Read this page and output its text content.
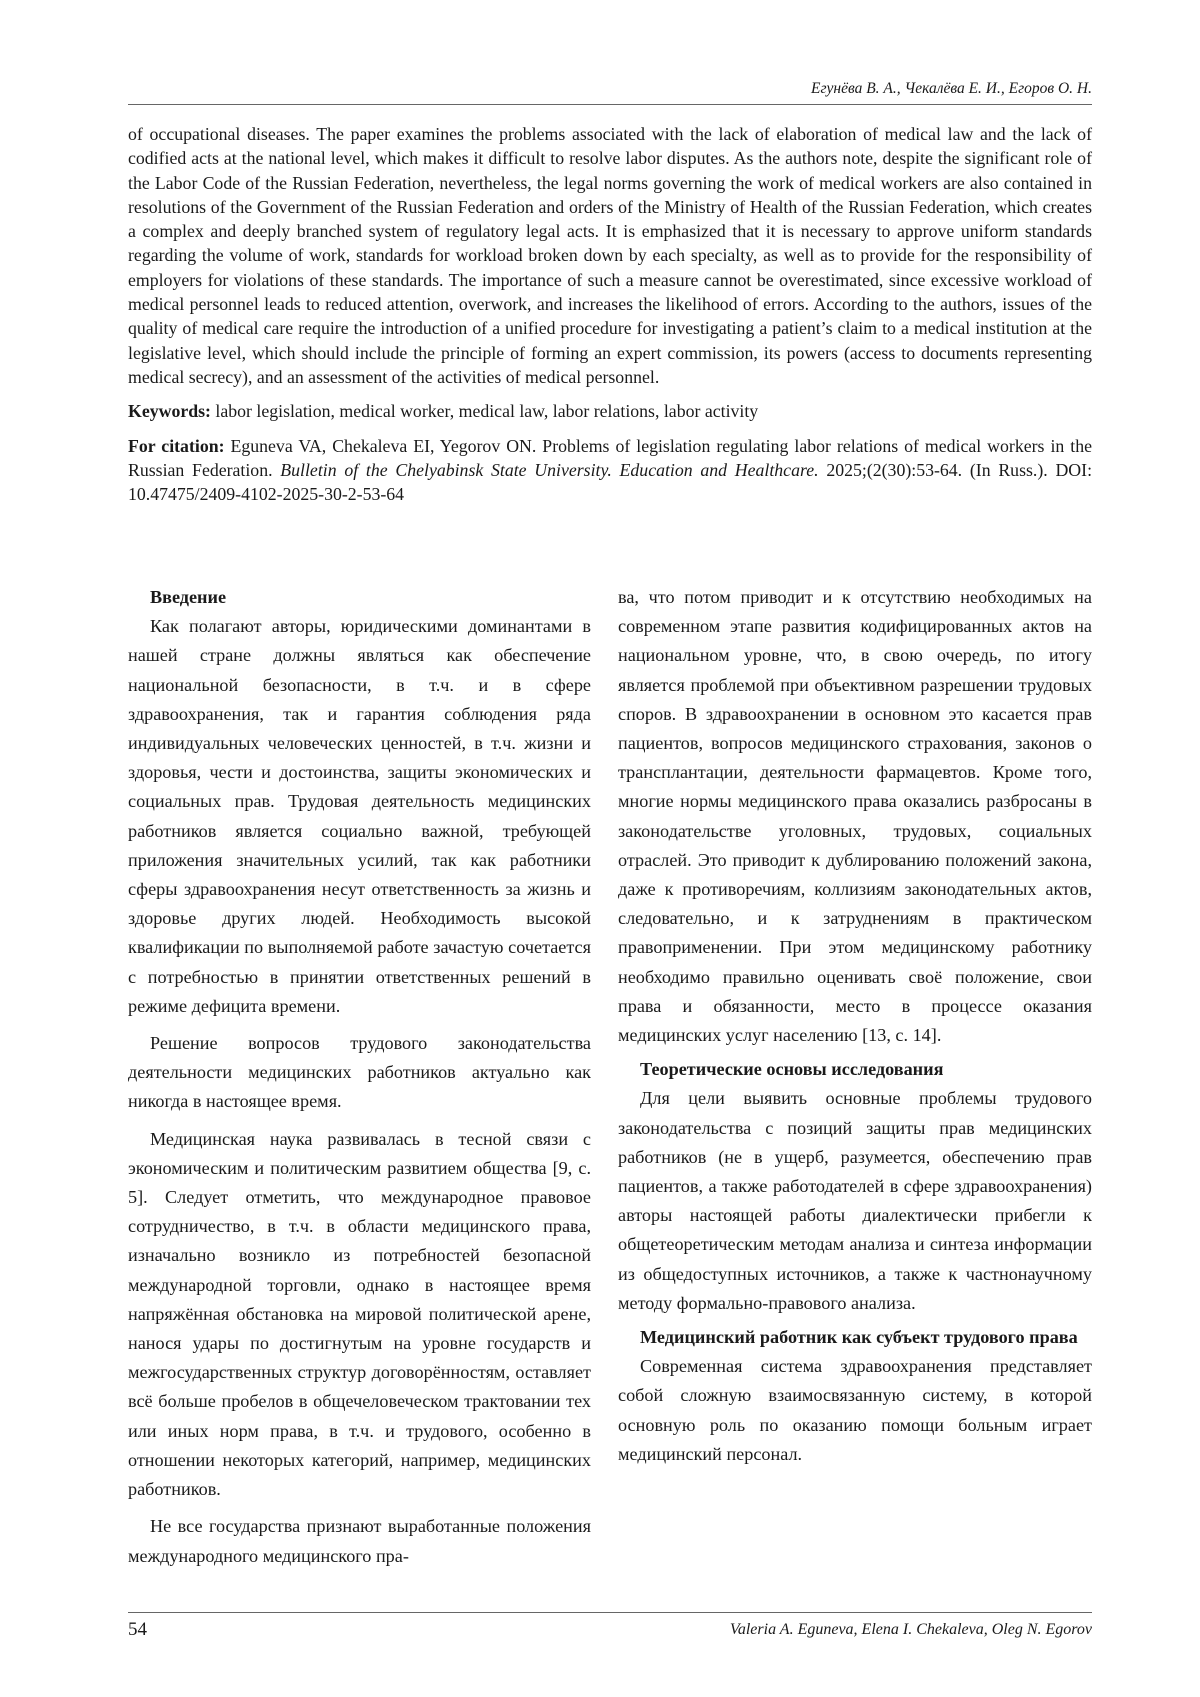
Егунёва В. А., Чекалёва Е. И., Егоров О. Н.

of occupational diseases. The paper examines the problems associated with the lack of elaboration of medical law and the lack of codified acts at the national level, which makes it difficult to resolve labor disputes. As the authors note, despite the significant role of the Labor Code of the Russian Federation, nevertheless, the legal norms governing the work of medical workers are also contained in resolutions of the Government of the Russian Federation and orders of the Ministry of Health of the Russian Federation, which creates a complex and deeply branched system of regulatory legal acts. It is emphasized that it is necessary to approve uniform standards regarding the volume of work, standards for workload broken down by each specialty, as well as to provide for the responsibility of employers for violations of these standards. The importance of such a measure cannot be overestimated, since excessive workload of medical personnel leads to reduced attention, overwork, and increases the likelihood of errors. According to the authors, issues of the quality of medical care require the introduction of a unified procedure for investigating a patient’s claim to a medical institution at the legislative level, which should include the principle of forming an expert commission, its powers (access to documents representing medical secrecy), and an assessment of the activities of medical personnel.

Keywords: labor legislation, medical worker, medical law, labor relations, labor activity

For citation: Eguneva VA, Chekaleva EI, Yegorov ON. Problems of legislation regulating labor relations of medical workers in the Russian Federation. Bulletin of the Chelyabinsk State University. Education and Healthcare. 2025;(2(30):53-64. (In Russ.). DOI: 10.47475/2409-4102-2025-30-2-53-64

Введение

Как полагают авторы, юридическими доминантами в нашей стране должны являться как обеспечение национальной безопасности, в т.ч. и в сфере здравоохранения, так и гарантия соблюдения ряда индивидуальных человеческих ценностей, в т.ч. жизни и здоровья, чести и достоинства, защиты экономических и социальных прав. Трудовая деятельность медицинских работников является социально важной, требующей приложения значительных усилий, так как работники сферы здравоохранения несут ответственность за жизнь и здоровье других людей. Необходимость высокой квалификации по выполняемой работе зачастую сочетается с потребностью в принятии ответственных решений в режиме дефицита времени.

Решение вопросов трудового законодательства деятельности медицинских работников актуально как никогда в настоящее время.

Медицинская наука развивалась в тесной связи с экономическим и политическим развитием общества [9, с. 5]. Следует отметить, что международное правовое сотрудничество, в т.ч. в области медицинского права, изначально возникло из потребностей безопасной международной торговли, однако в настоящее время напряжённая обстановка на мировой политической арене, нанося удары по достигнутым на уровне государств и межгосударственных структур договорённостям, оставляет всё больше пробелов в общечеловеческом трактовании тех или иных норм права, в т.ч. и трудового, особенно в отношении некоторых категорий, например, медицинских работников.

Не все государства признают выработанные положения международного медицинского пра-

ва, что потом приводит и к отсутствию необходимых на современном этапе развития кодифицированных актов на национальном уровне, что, в свою очередь, по итогу является проблемой при объективном разрешении трудовых споров. В здравоохранении в основном это касается прав пациентов, вопросов медицинского страхования, законов о трансплантации, деятельности фармацевтов. Кроме того, многие нормы медицинского права оказались разбросаны в законодательстве уголовных, трудовых, социальных отраслей. Это приводит к дублированию положений закона, даже к противоречиям, коллизиям законодательных актов, следовательно, и к затруднениям в практическом правоприменении. При этом медицинскому работнику необходимо правильно оценивать своё положение, свои права и обязанности, место в процессе оказания медицинских услуг населению [13, с. 14].

Теоретические основы исследования

Для цели выявить основные проблемы трудового законодательства с позиций защиты прав медицинских работников (не в ущерб, разумеется, обеспечению прав пациентов, а также работодателей в сфере здравоохранения) авторы настоящей работы диалектически прибегли к общетеоретическим методам анализа и синтеза информации из общедоступных источников, а также к частнонаучному методу формально-правового анализа.

Медицинский работник как субъект трудового права

Современная система здравоохранения представляет собой сложную взаимосвязанную систему, в которой основную роль по оказанию помощи больным играет медицинский персонал.

54	Valeria A. Eguneva, Elena I. Chekaleva, Oleg N. Egorov
